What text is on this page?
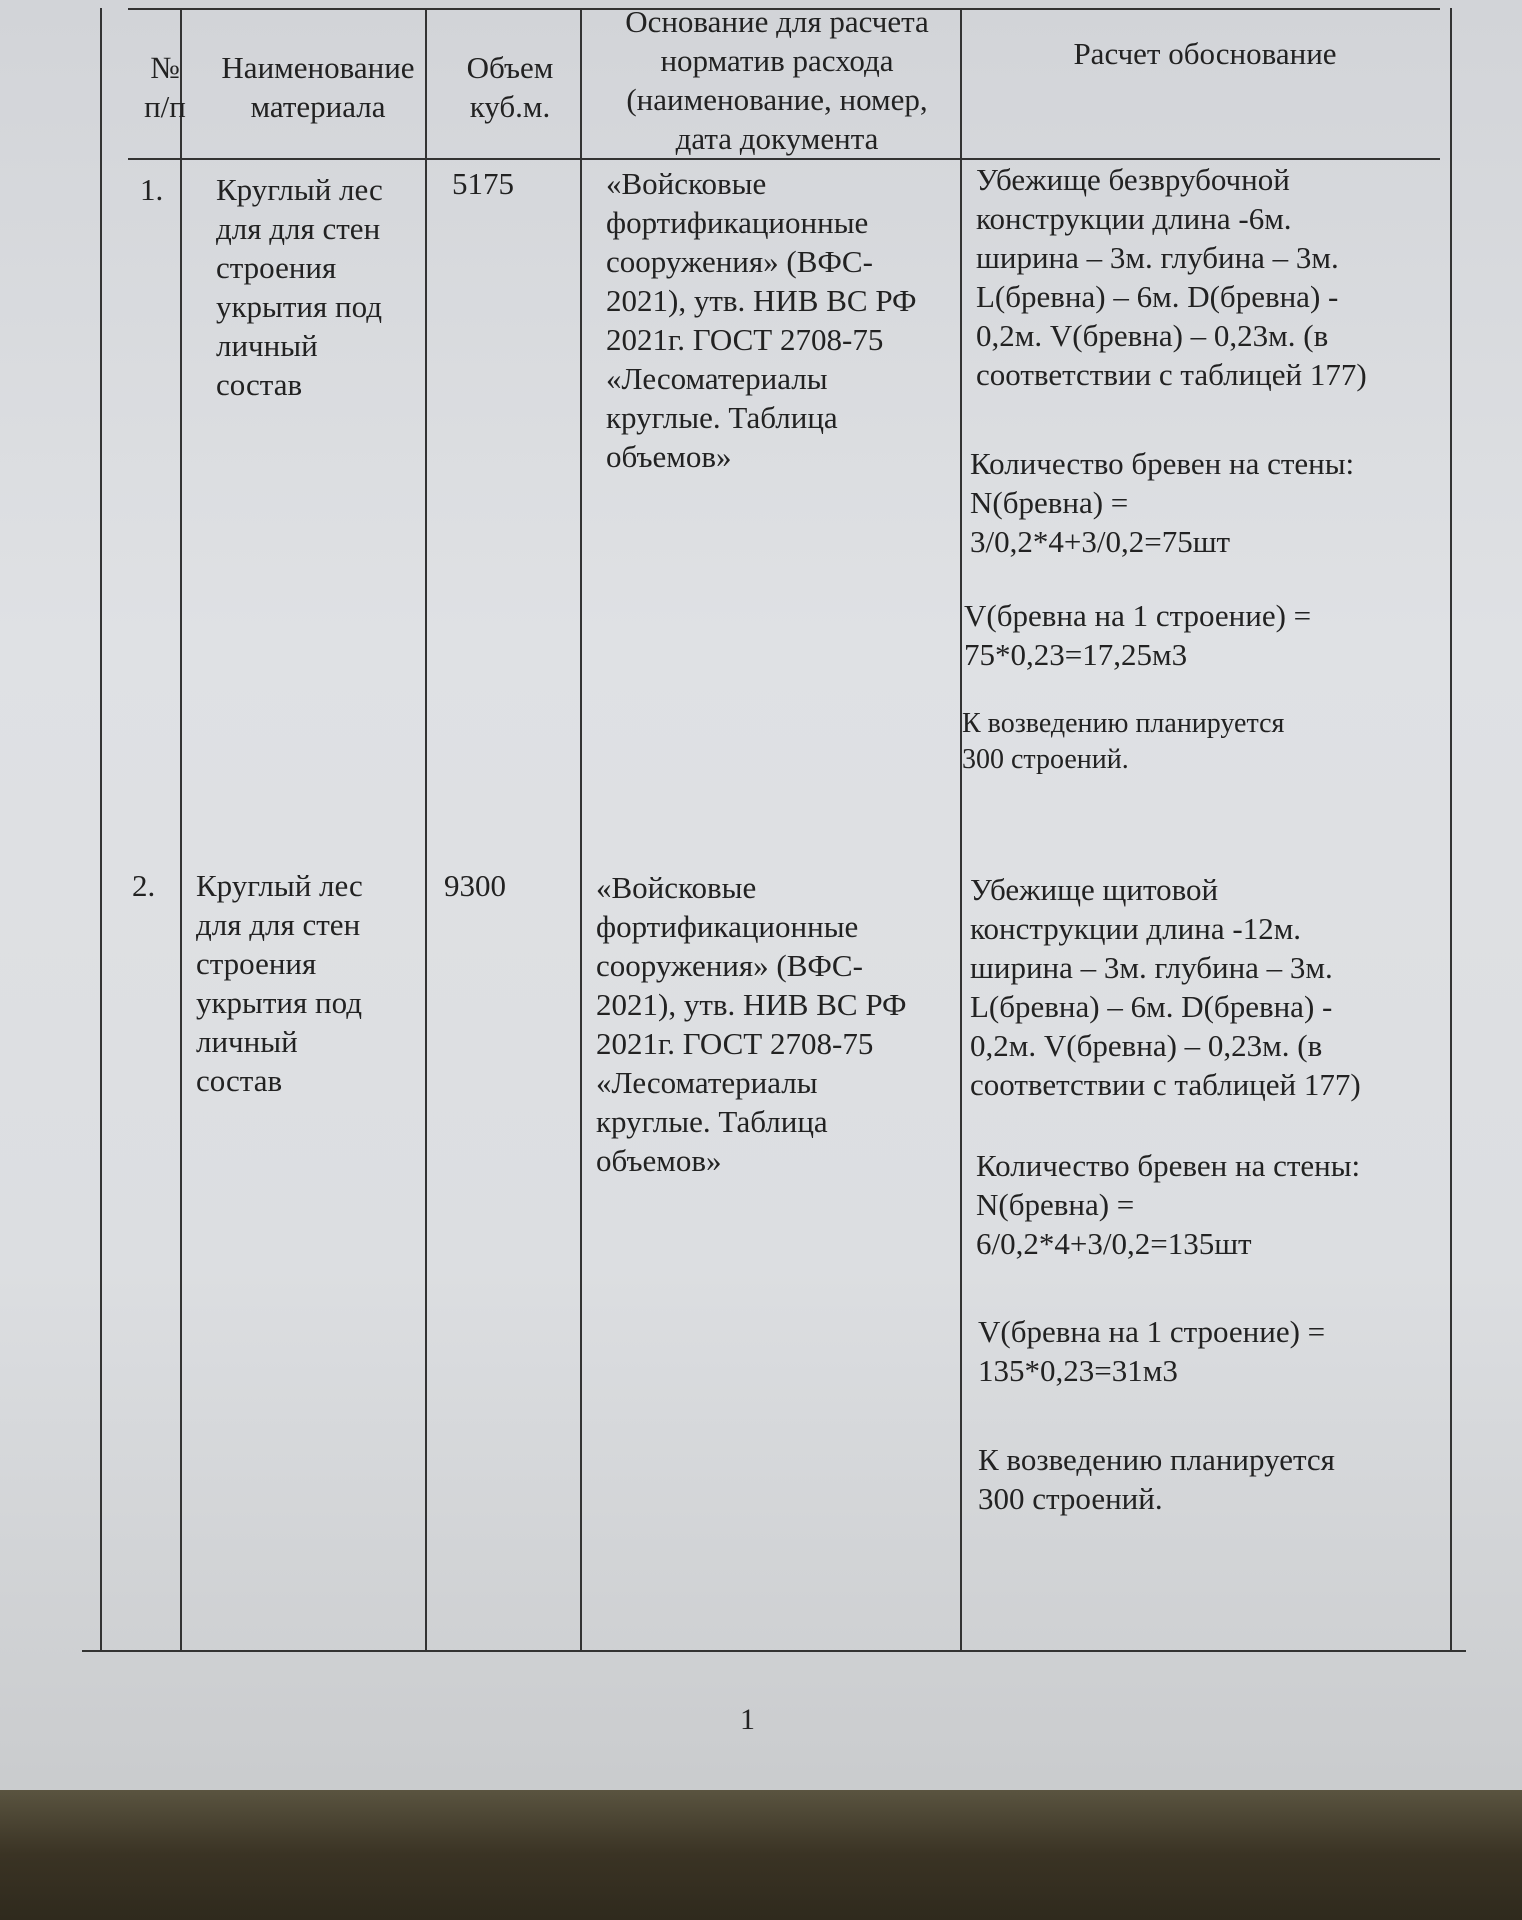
№
п/п
Наименование
материала
Объем
куб.м.
Основание для расчета
норматив расхода
(наименование, номер,
дата документа
Расчет обоснование
1. Круглый лес
для для стен
строения
укрытия под
личный
состав
5175	«Войсковые
фортификационные
сооружения» (ВФС-
2021), утв. НИВ ВС РФ
2021г. ГОСТ 2708-75
«Лесоматериалы
круглые. Таблица
объемов»
Убежище безврубочной
конструкции длина -6м.
ширина – 3м. глубина – 3м.
L(бревна) – 6м. D(бревна) -
0,2м. V(бревна) – 0,23м. (в
соответствии с таблицей 177)
Количество бревен на стены:
N(бревна) =
3/0,2*4+3/0,2=75шт
V(бревна на 1 строение) =
75*0,23=17,25м3
К возведению планируется
300 строений.
2. Круглый лес
для для стен
строения
укрытия под
личный
состав
9300	«Войсковые
фортификационные
сооружения» (ВФС-
2021), утв. НИВ ВС РФ
2021г. ГОСТ 2708-75
«Лесоматериалы
круглые. Таблица
объемов»
Убежище щитовой
конструкции длина -12м.
ширина – 3м. глубина – 3м.
L(бревна) – 6м. D(бревна) -
0,2м. V(бревна) – 0,23м. (в
соответствии с таблицей 177)
Количество бревен на стены:
N(бревна) =
6/0,2*4+3/0,2=135шт
V(бревна на 1 строение) =
135*0,23=31м3
К возведению планируется
300 строений.
1
